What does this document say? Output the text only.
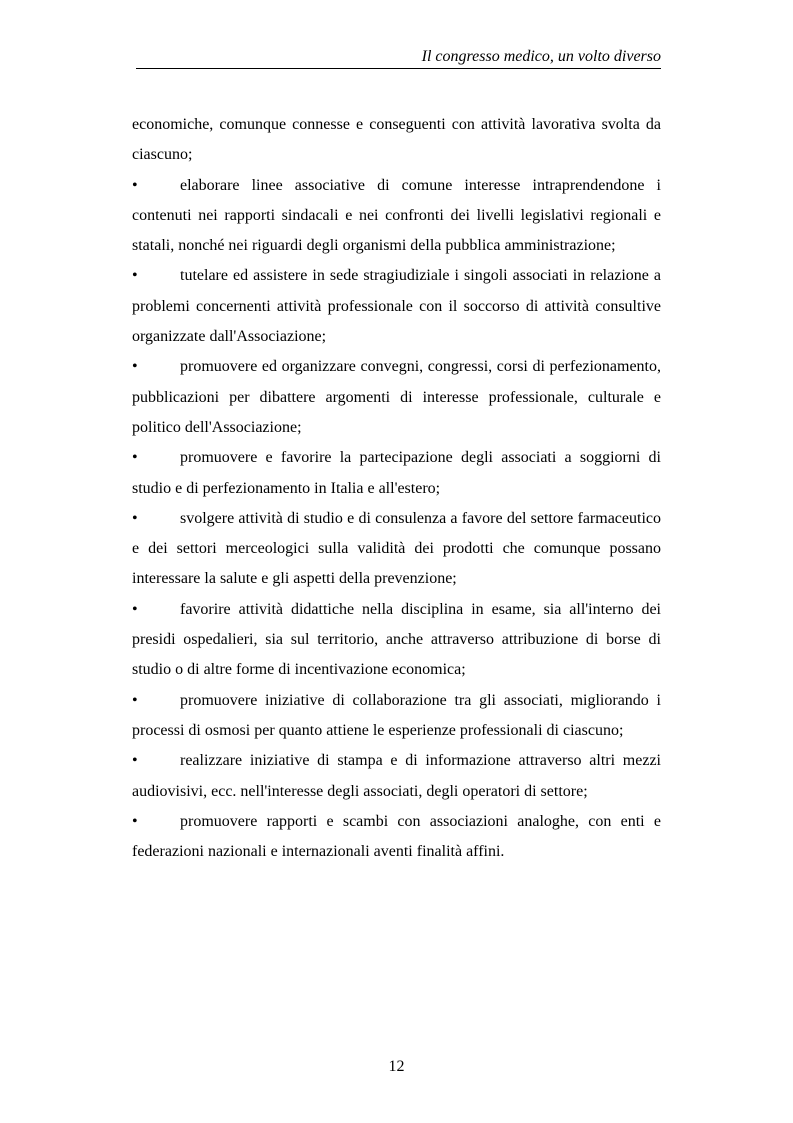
Il congresso medico, un volto diverso

economiche, comunque connesse e conseguenti con attività lavorativa svolta da ciascuno;

•	elaborare linee associative di comune interesse intraprendendone i contenuti nei rapporti sindacali e nei confronti dei livelli legislativi regionali e statali, nonché nei riguardi degli organismi della pubblica amministrazione;

•	tutelare ed assistere in sede stragiudiziale i singoli associati in relazione a problemi concernenti attività professionale con il soccorso di attività consultive organizzate dall'Associazione;

•	promuovere ed organizzare convegni, congressi, corsi di perfezionamento, pubblicazioni per dibattere argomenti di interesse professionale, culturale e politico dell'Associazione;

•	promuovere e favorire la partecipazione degli associati a soggiorni di studio e di perfezionamento in Italia e all'estero;

•	svolgere attività di studio e di consulenza a favore del settore farmaceutico e dei settori merceologici sulla validità dei prodotti che comunque possano interessare la salute e gli aspetti della prevenzione;

•	favorire attività didattiche nella disciplina in esame, sia all'interno dei presidi ospedalieri, sia sul territorio, anche attraverso attribuzione di borse di studio o di altre forme di incentivazione economica;

•	promuovere iniziative di collaborazione tra gli associati, migliorando i processi di osmosi per quanto attiene le esperienze professionali di ciascuno;

•	realizzare iniziative di stampa e di informazione attraverso altri mezzi audiovisivi, ecc. nell'interesse degli associati, degli operatori di settore;

•	promuovere rapporti e scambi con associazioni analoghe, con enti e federazioni nazionali e internazionali aventi finalità affini.

12
